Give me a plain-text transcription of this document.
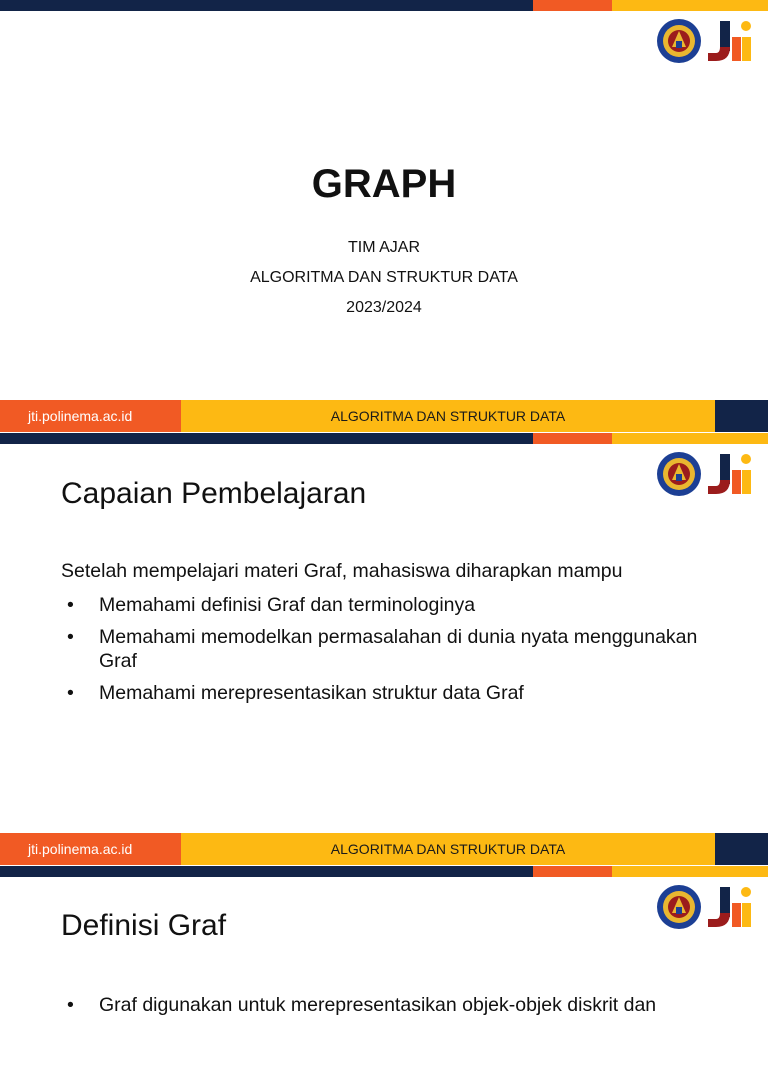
GRAPH
TIM AJAR
ALGORITMA DAN STRUKTUR DATA
2023/2024
jti.polinema.ac.id	ALGORITMA DAN STRUKTUR DATA
Capaian Pembelajaran
Setelah mempelajari materi Graf, mahasiswa diharapkan mampu
• Memahami definisi Graf dan terminologinya
• Memahami memodelkan permasalahan di dunia nyata menggunakan Graf
• Memahami merepresentasikan struktur data Graf
jti.polinema.ac.id	ALGORITMA DAN STRUKTUR DATA
Definisi Graf
• Graf digunakan untuk merepresentasikan objek-objek diskrit dan
